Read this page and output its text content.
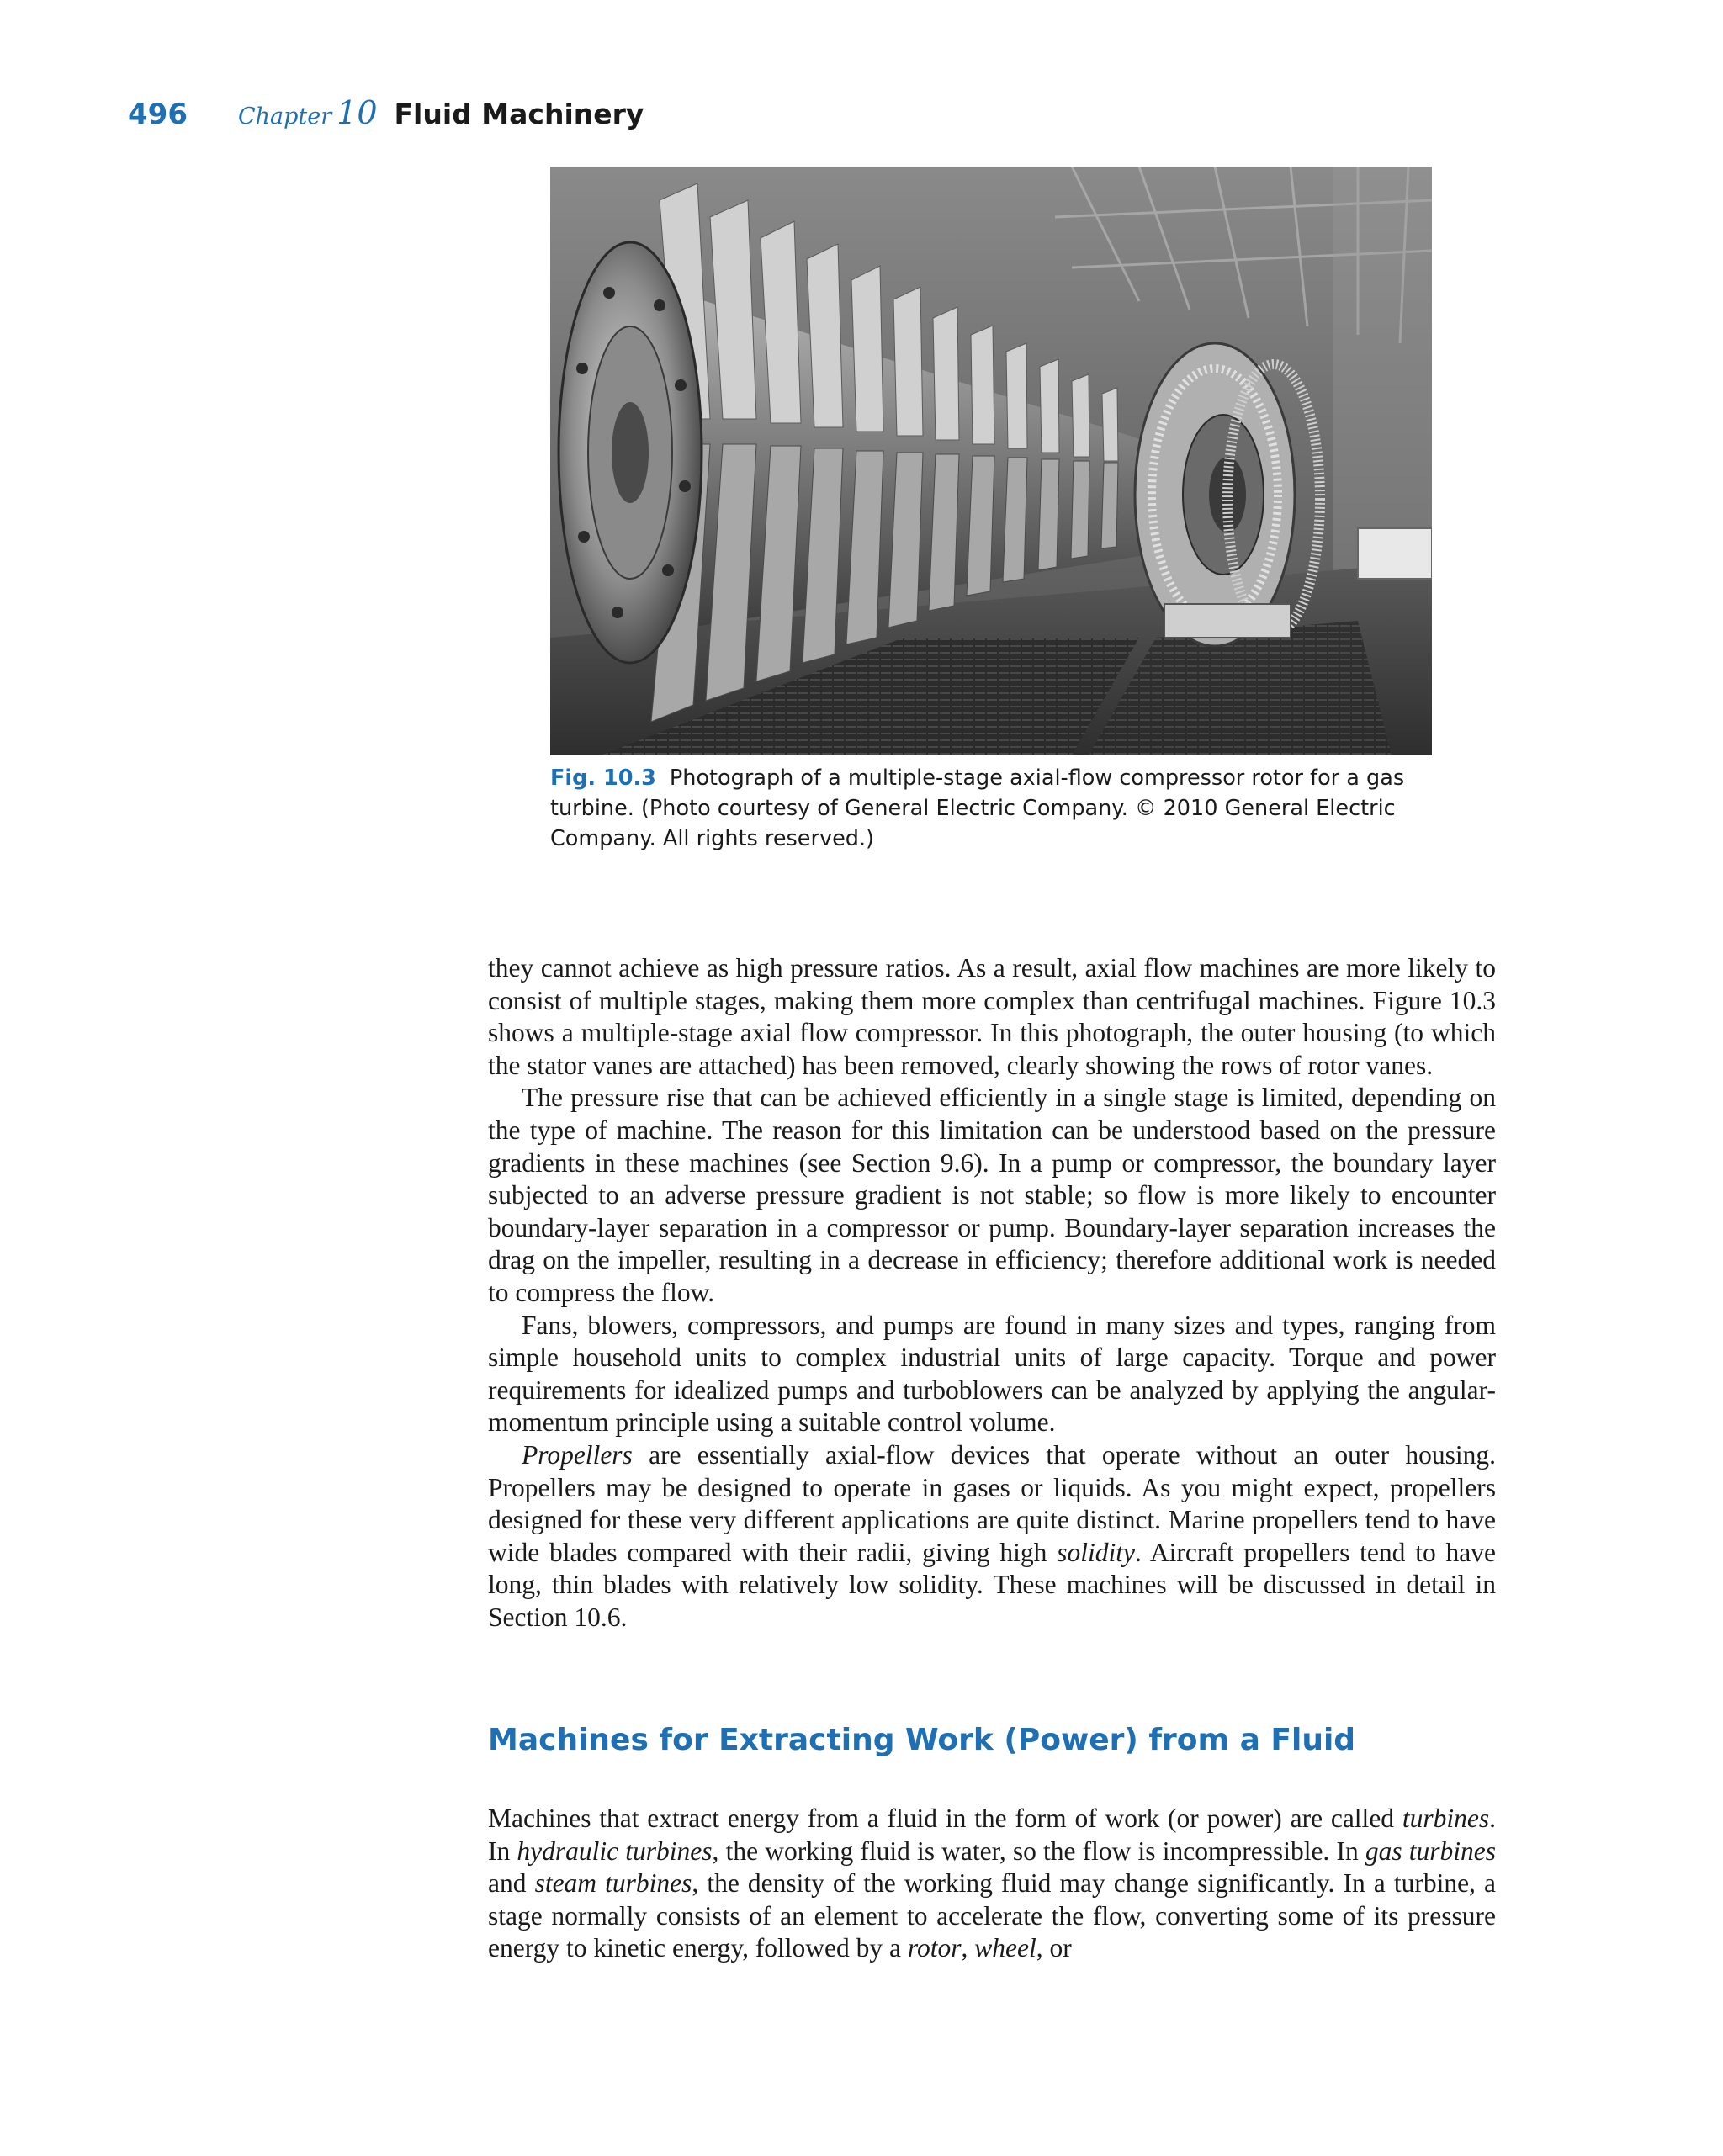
496 Chapter 10 Fluid Machinery

Fig. 10.3 Photograph of a multiple-stage axial-flow compressor rotor for a gas turbine. (Photo courtesy of General Electric Company. © 2010 General Electric Company. All rights reserved.)

they cannot achieve as high pressure ratios. As a result, axial flow machines are more likely to consist of multiple stages, making them more complex than centrifugal machines. Figure 10.3 shows a multiple-stage axial flow compressor. In this photograph, the outer housing (to which the stator vanes are attached) has been removed, clearly showing the rows of rotor vanes.

The pressure rise that can be achieved efficiently in a single stage is limited, depending on the type of machine. The reason for this limitation can be understood based on the pressure gradients in these machines (see Section 9.6). In a pump or compressor, the boundary layer subjected to an adverse pressure gradient is not stable; so flow is more likely to encounter boundary-layer separation in a compressor or pump. Boundary-layer separation increases the drag on the impeller, resulting in a decrease in efficiency; therefore additional work is needed to compress the flow.

Fans, blowers, compressors, and pumps are found in many sizes and types, ranging from simple household units to complex industrial units of large capacity. Torque and power requirements for idealized pumps and turboblowers can be analyzed by applying the angular-momentum principle using a suitable control volume.

Propellers are essentially axial-flow devices that operate without an outer housing. Propellers may be designed to operate in gases or liquids. As you might expect, propellers designed for these very different applications are quite distinct. Marine propellers tend to have wide blades compared with their radii, giving high solidity. Aircraft propellers tend to have long, thin blades with relatively low solidity. These machines will be discussed in detail in Section 10.6.

Machines for Extracting Work (Power) from a Fluid

Machines that extract energy from a fluid in the form of work (or power) are called turbines. In hydraulic turbines, the working fluid is water, so the flow is incompressible. In gas turbines and steam turbines, the density of the working fluid may change significantly. In a turbine, a stage normally consists of an element to accelerate the flow, converting some of its pressure energy to kinetic energy, followed by a rotor, wheel, or
